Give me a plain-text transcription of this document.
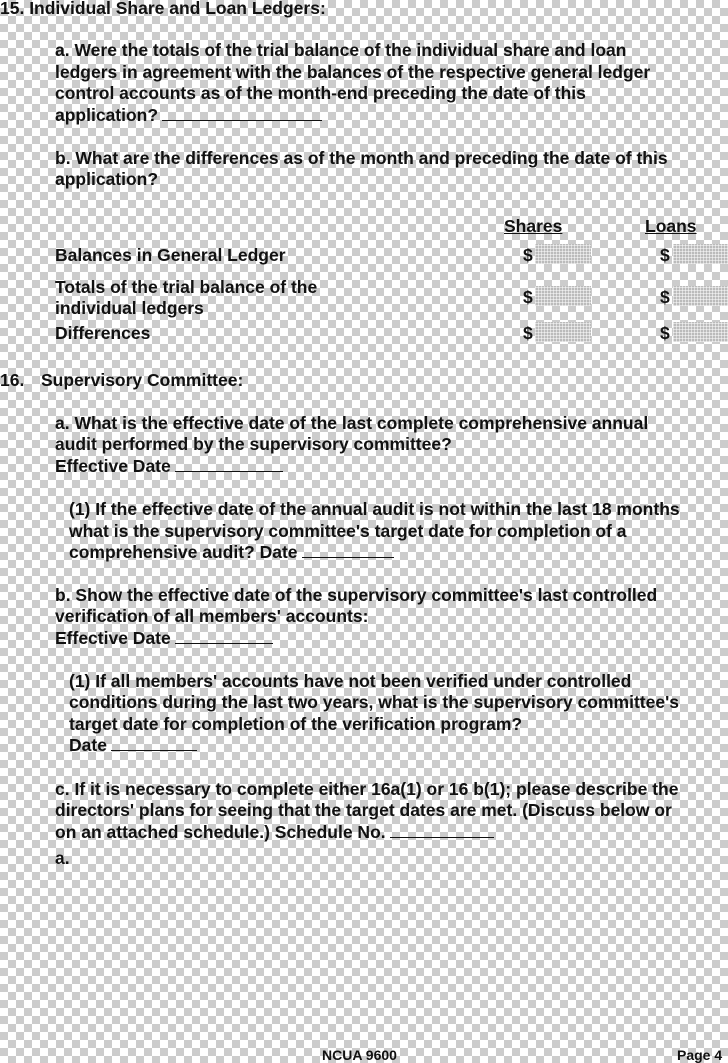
15. Individual Share and Loan Ledgers:
a. Were the totals of the trial balance of the individual share and loan
ledgers in agreement with the balances of the respective general ledger
control accounts as of the month-end preceding the date of this
application?
b. What are the differences as of the month and preceding the date of this
application?
Shares	Loans
Balances in General Ledger	$	$
Totals of the trial balance of the
individual ledgers
$	$
Differences	$	$
16. Supervisory Committee:
a. What is the effective date of the last complete comprehensive annual
audit performed by the supervisory committee?
Effective Date
(1) If the effective date of the annual audit is not within the last 18 months
what is the supervisory committee's target date for completion of a
comprehensive audit? Date
b. Show the effective date of the supervisory committee's last controlled
verification of all members' accounts:
Effective Date
(1) If all members' accounts have not been verified under controlled
conditions during the last two years, what is the supervisory committee's
target date for completion of the verification program?
Date
c. If it is necessary to complete either 16a(1) or 16 b(1); please describe the
directors' plans for seeing that the target dates are met. (Discuss below or
on an attached schedule.) Schedule No.
a.
NCUA 9600	Page 4
